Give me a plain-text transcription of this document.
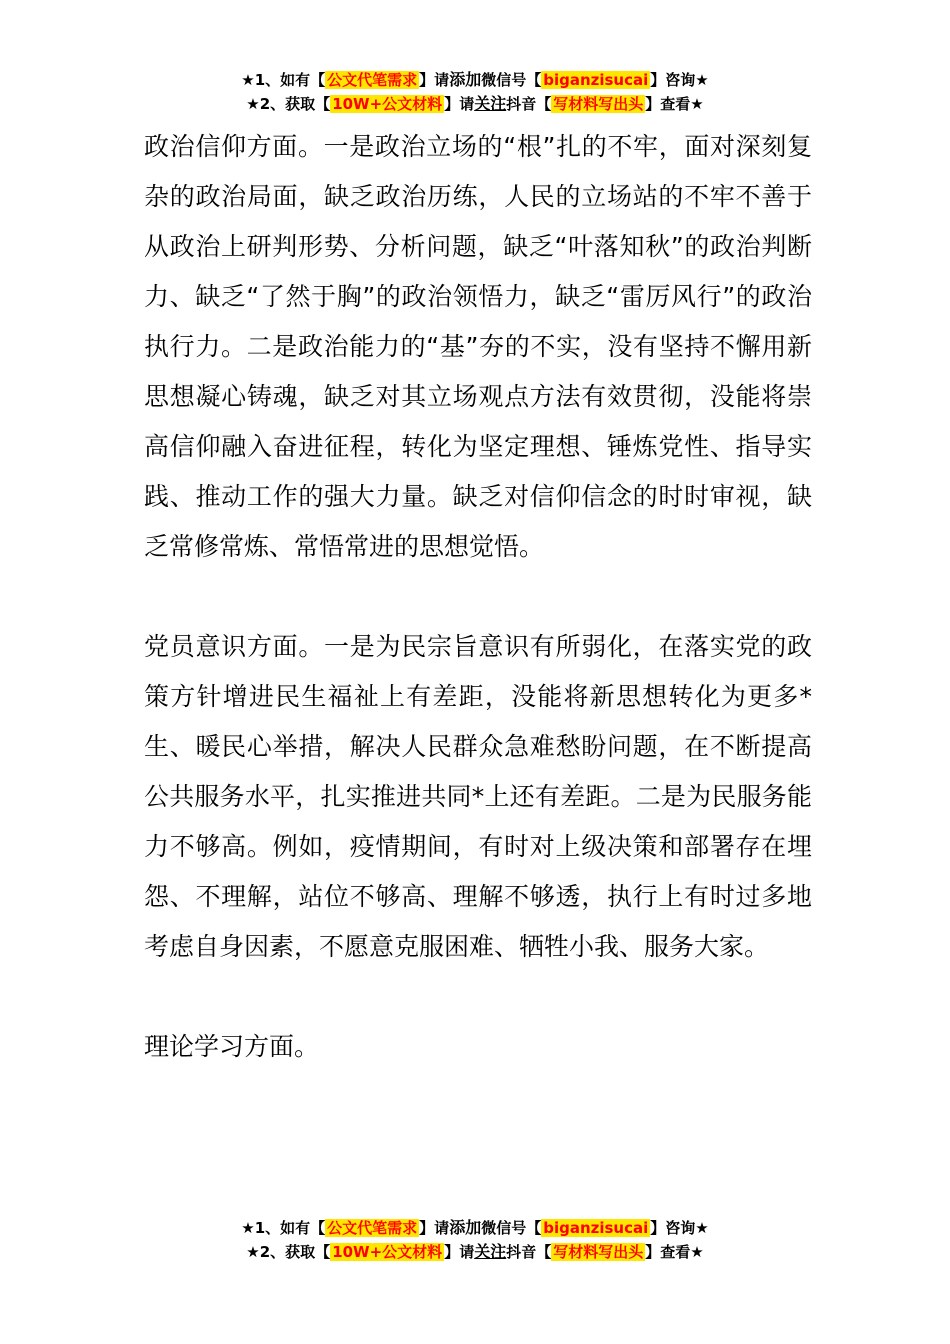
★1、如有【 公文代笔需求 】请添加微信号【 biganzisucai 】咨询★
★2、获取【 10W+公文材料 】请关注抖音【 写材料写出头 】查看★

政治信仰方面。一是政治立场的“根”扎的不牢，面对深刻复杂的政治局面，缺乏政治历练，人民的立场站的不牢不善于从政治上研判形势、分析问题，缺乏“叶落知秋”的政治判断力、缺乏“了然于胸”的政治领悟力，缺乏“雷厉风行”的政治执行力。二是政治能力的“基”夯的不实，没有坚持不懈用新思想凝心铸魂，缺乏对其立场观点方法有效贯彻，没能将崇高信仰融入奋进征程，转化为坚定理想、锤炼党性、指导实践、推动工作的强大力量。缺乏对信仰信念的时时审视，缺乏常修常炼、常悟常进的思想觉悟。

党员意识方面。一是为民宗旨意识有所弱化，在落实党的政策方针增进民生福祉上有差距，没能将新思想转化为更多*生、暖民心举措，解决人民群众急难愁盼问题，在不断提高公共服务水平，扎实推进共同*上还有差距。二是为民服务能力不够高。例如，疫情期间，有时对上级决策和部署存在埋怨、不理解，站位不够高、理解不够透，执行上有时过多地考虑自身因素，不愿意克服困难、牺牲小我、服务大家。

理论学习方面。

★1、如有【 公文代笔需求 】请添加微信号【 biganzisucai 】咨询★
★2、获取【 10W+公文材料 】请关注抖音【 写材料写出头 】查看★
